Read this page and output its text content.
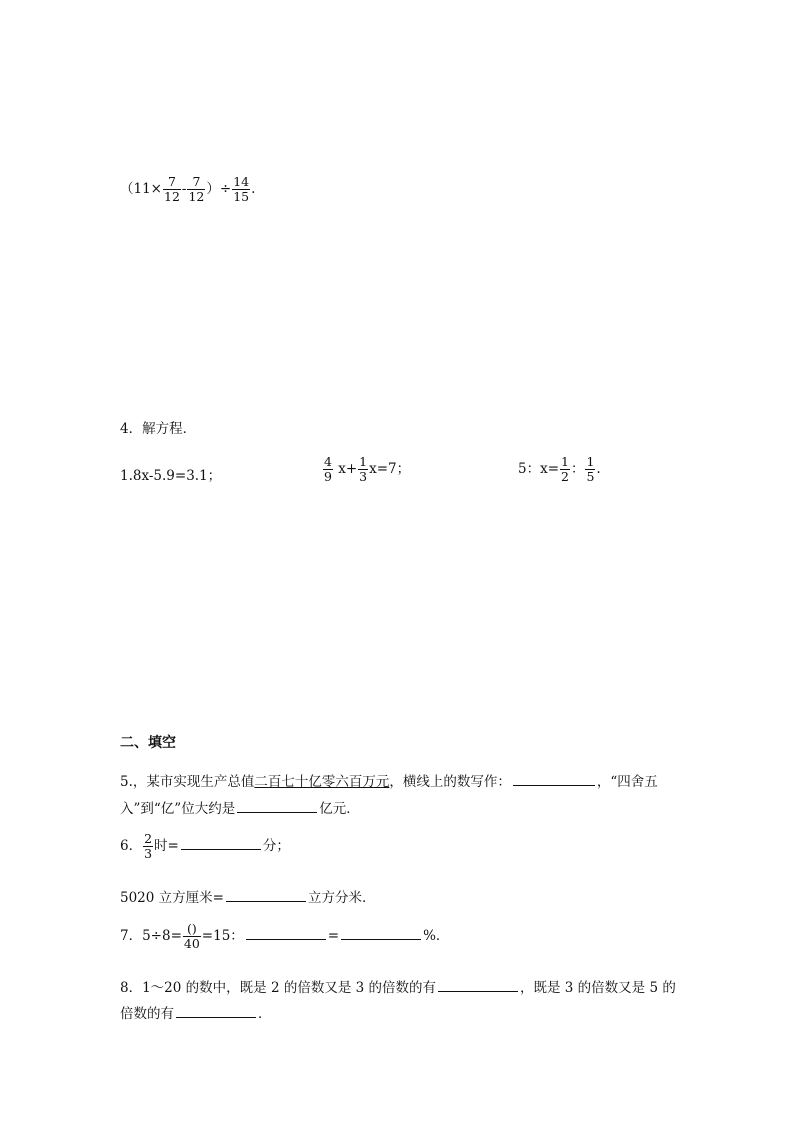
（$11\times \frac{7}{12} - \frac{7}{12}$ ）÷ $\frac{14}{15}$ .
4．解方程．
1.8x-5.9=3.1；	$\frac{4}{9} x+ \frac{1}{3} x=7$；	5：$x= \frac{1}{2}$ ： $\frac{1}{5}$ .
二、填空
5.，某市实现生产总值二百七十亿零六百万元，横线上的数写作：	，“四舍五
入”到“亿”位大约是	亿元．
6． $\frac{2}{3}$ 时=	分；
5020 立方厘米=	立方分米．
7．$5\div 8= \frac{()}{40} =15$：	=	%．
8．1～20 的数中，既是 2 的倍数又是 3 的倍数的有	，既是 3 的倍数又是 5 的
倍数的有	．
